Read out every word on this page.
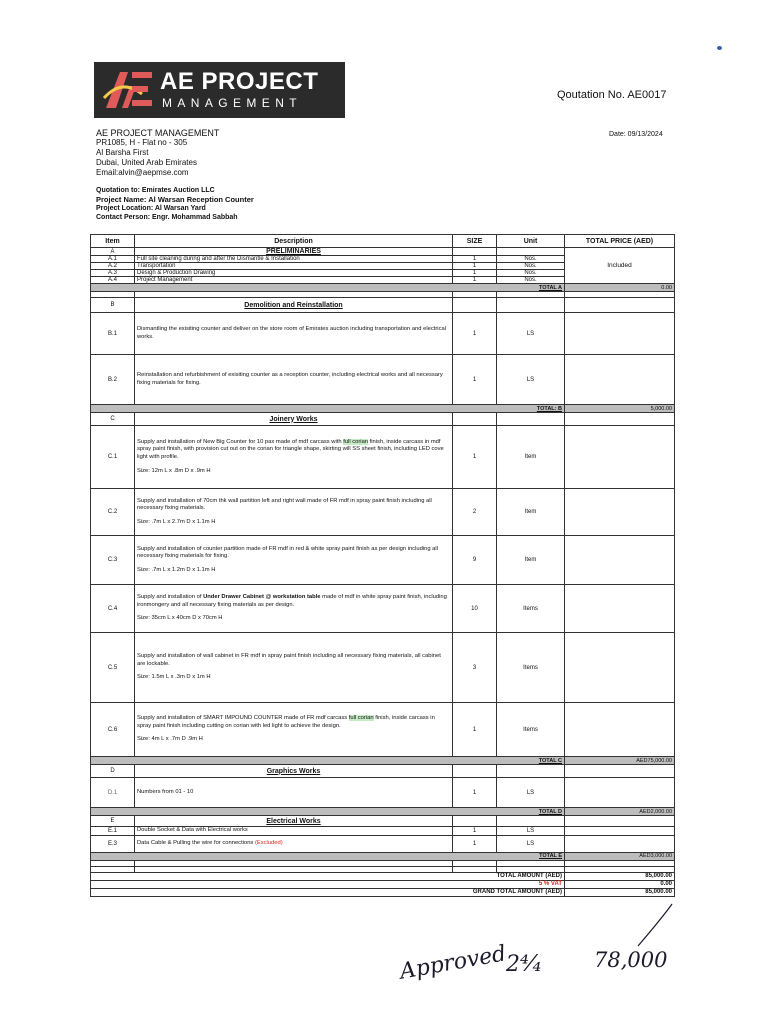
AE PROJECT
MANAGEMENT
Qoutation No. AE0017
Date: 09/13/2024
AE PROJECT MANAGEMENT
PR1085, H - Flat no - 305
Al Barsha First
Dubai, United Arab Emirates
Email:alvin@aepmse.com
Quotation to: Emirates Auction LLC
Project Name: Al Warsan Reception Counter
Project Location: Al Warsan Yard
Contact Person: Engr. Mohammad Sabbah
Item	Description	SIZE	Unit	TOTAL PRICE (AED)
A	PRELIMINARIES			Included
A.1	Full site cleaning during and after the Dismantle & Installation	1	Nos.	
A.2	Transportation	1	Nos.	
A.3	Design & Production Drawing	1	Nos.	
A.4	Project Management	1	Nos.	
TOTAL A				0.00

B	Demolition and Reinstallation			
B.1	Dismantling the exisiting counter and deliver on the store room of Emirates auction including transportation and electrical works.	1	LS	
B.2	Reinstallation and refurbishment of exisiting counter as a reception counter, including electrical works and all necessary fixing materials for fixing.	1	LS	
TOTAL: B				5,000.00
C	Joinery Works			
C.1	Supply and installation of New Big Counter for 10 pax made of mdf carcass with full corian finish, inside carcass in mdf spray paint finish, with provision cut out on the corian for triangle shape, skirting will SS sheet finish, including LED cove light with profile.
Size: 12m L x .8m D x .9m H	1	Item	
C.2	Supply and installation of 70cm thk wall partition left and right wall made of FR mdf in spray paint finish including all necessary fixing materials.
Size: .7m L x 2.7m D x 1.1m H	2	Item	
C.3	Supply and installation of counter partition made of FR mdf in red & white spray paint finish as per design including all necessary fixing materials for fixing.
Size: .7m L x 1.2m D x 1.1m H	9	Item	
C.4	Supply and installation of Under Drawer Cabinet @ workstation table made of mdf in white spray paint finish, including ironmongery and all necessary fixing materials as per design.
Size: 35cm L x 40cm D x 70cm H	10	Items	
C.5	Supply and installation of wall cabinet in FR mdf in spray paint finish including all necessary fixing materials, all cabinet are lockable.
Size: 1.5m L x .3m D x 1m H	3	Items	
C.6	Supply and installation of SMART IMPOUND COUNTER made of FR mdf carcass full corian finish, inside carcass in spray paint finish including cutting on corian with led light to achieve the design.
Size: 4m L x .7m D .9m H	1	Items	
TOTAL C				AED75,000.00
D	Graphics Works			
D.1	Numbers from 01 - 10	1	LS	
TOTAL D				AED2,000.00
E	Electrical Works			
E.1	Double Socket & Data with Electrical works	1	LS	
E.3	Data Cable & Pulling the wire for connections (Excluded)	1	LS	
TOTAL E				AED3,000.00

TOTAL AMOUNT (AED)				85,000.00
5 % VAT				0.00
GRAND TOTAL AMOUNT (AED)				85,000.00
Approved
2⁴⁄₄	78,000
